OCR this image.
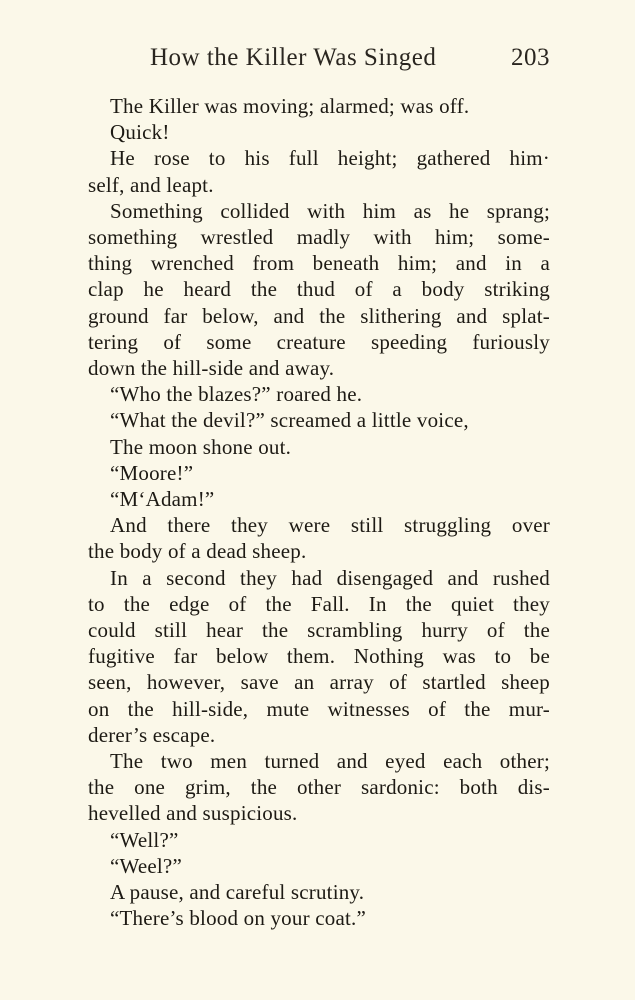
How the Killer Was Singed	203
The Killer was moving; alarmed; was off.
Quick!
He rose to his full height; gathered him·
self, and leapt.
Something collided with him as he sprang;
something wrestled madly with him; some-
thing wrenched from beneath him; and in a
clap he heard the thud of a body striking
ground far below, and the slithering and splat-
tering of some creature speeding furiously
down the hill-side and away.
“Who the blazes?” roared he.
“What the devil?” screamed a little voice,
The moon shone out.
“Moore!”
“M‘Adam!”
And there they were still struggling over
the body of a dead sheep.
In a second they had disengaged and rushed
to the edge of the Fall. In the quiet they
could still hear the scrambling hurry of the
fugitive far below them. Nothing was to be
seen, however, save an array of startled sheep
on the hill-side, mute witnesses of the mur-
derer’s escape.
The two men turned and eyed each other;
the one grim, the other sardonic: both dis-
hevelled and suspicious.
“Well?”
“Weel?”
A pause, and careful scrutiny.
“There’s blood on your coat.”
